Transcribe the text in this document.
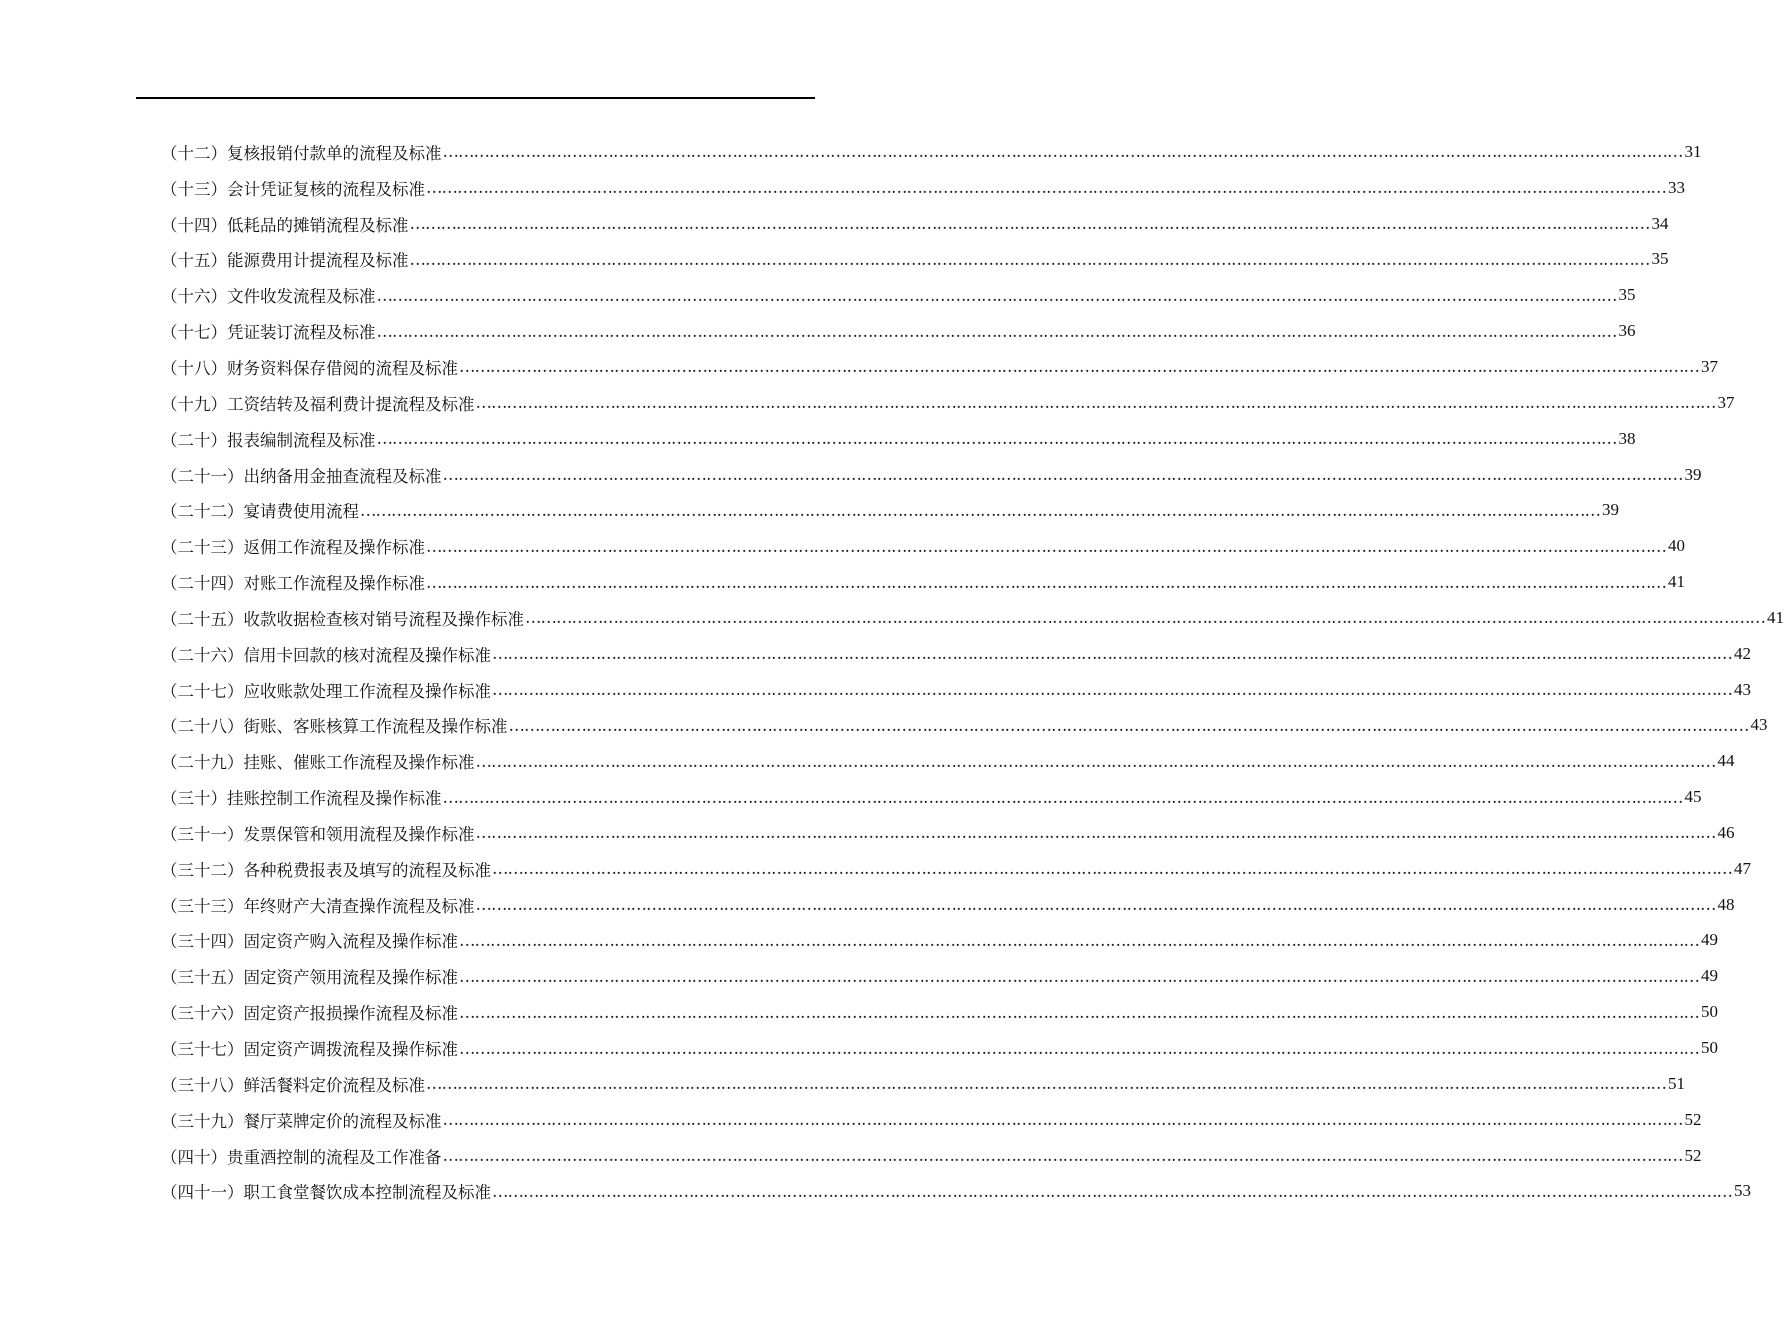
（十二）复核报销付款单的流程及标准 …………………………………………………………………………………………………………………………………………………………………………………………………………………… 31
（十三）会计凭证复核的流程及标准 …………………………………………………………………………………………………………………………………………………………………………………………………………………… 33
（十四）低耗品的摊销流程及标准 …………………………………………………………………………………………………………………………………………………………………………………………………………………… 34
（十五）能源费用计提流程及标准 …………………………………………………………………………………………………………………………………………………………………………………………………………………… 35
（十六）文件收发流程及标准 …………………………………………………………………………………………………………………………………………………………………………………………………………………… 35
（十七）凭证装订流程及标准 …………………………………………………………………………………………………………………………………………………………………………………………………………………… 36
（十八）财务资料保存借阅的流程及标准 …………………………………………………………………………………………………………………………………………………………………………………………………………………… 37
（十九）工资结转及福利费计提流程及标准 …………………………………………………………………………………………………………………………………………………………………………………………………………………… 37
（二十）报表编制流程及标准 …………………………………………………………………………………………………………………………………………………………………………………………………………………… 38
（二十一）出纳备用金抽查流程及标准 …………………………………………………………………………………………………………………………………………………………………………………………………………………… 39
（二十二）宴请费使用流程 …………………………………………………………………………………………………………………………………………………………………………………………………………………… 39
（二十三）返佣工作流程及操作标准 …………………………………………………………………………………………………………………………………………………………………………………………………………………… 40
（二十四）对账工作流程及操作标准 …………………………………………………………………………………………………………………………………………………………………………………………………………………… 41
（二十五）收款收据检查核对销号流程及操作标准 …………………………………………………………………………………………………………………………………………………………………………………………………………………… 41
（二十六）信用卡回款的核对流程及操作标准 …………………………………………………………………………………………………………………………………………………………………………………………………………………… 42
（二十七）应收账款处理工作流程及操作标准 …………………………………………………………………………………………………………………………………………………………………………………………………………………… 43
（二十八）街账、客账核算工作流程及操作标准 …………………………………………………………………………………………………………………………………………………………………………………………………………………… 43
（二十九）挂账、催账工作流程及操作标准 …………………………………………………………………………………………………………………………………………………………………………………………………………………… 44
（三十）挂账控制工作流程及操作标准 …………………………………………………………………………………………………………………………………………………………………………………………………………………… 45
（三十一）发票保管和领用流程及操作标准 …………………………………………………………………………………………………………………………………………………………………………………………………………………… 46
（三十二）各种税费报表及填写的流程及标准 …………………………………………………………………………………………………………………………………………………………………………………………………………………… 47
（三十三）年终财产大清查操作流程及标准 …………………………………………………………………………………………………………………………………………………………………………………………………………………… 48
（三十四）固定资产购入流程及操作标准 …………………………………………………………………………………………………………………………………………………………………………………………………………………… 49
（三十五）固定资产领用流程及操作标准 …………………………………………………………………………………………………………………………………………………………………………………………………………………… 49
（三十六）固定资产报损操作流程及标准 …………………………………………………………………………………………………………………………………………………………………………………………………………………… 50
（三十七）固定资产调拨流程及操作标准 …………………………………………………………………………………………………………………………………………………………………………………………………………………… 50
（三十八）鲜活餐料定价流程及标准 …………………………………………………………………………………………………………………………………………………………………………………………………………………… 51
（三十九）餐厅菜牌定价的流程及标准 …………………………………………………………………………………………………………………………………………………………………………………………………………………… 52
（四十）贵重酒控制的流程及工作准备 …………………………………………………………………………………………………………………………………………………………………………………………………………………… 52
（四十一）职工食堂餐饮成本控制流程及标准 …………………………………………………………………………………………………………………………………………………………………………………………………………………… 53
